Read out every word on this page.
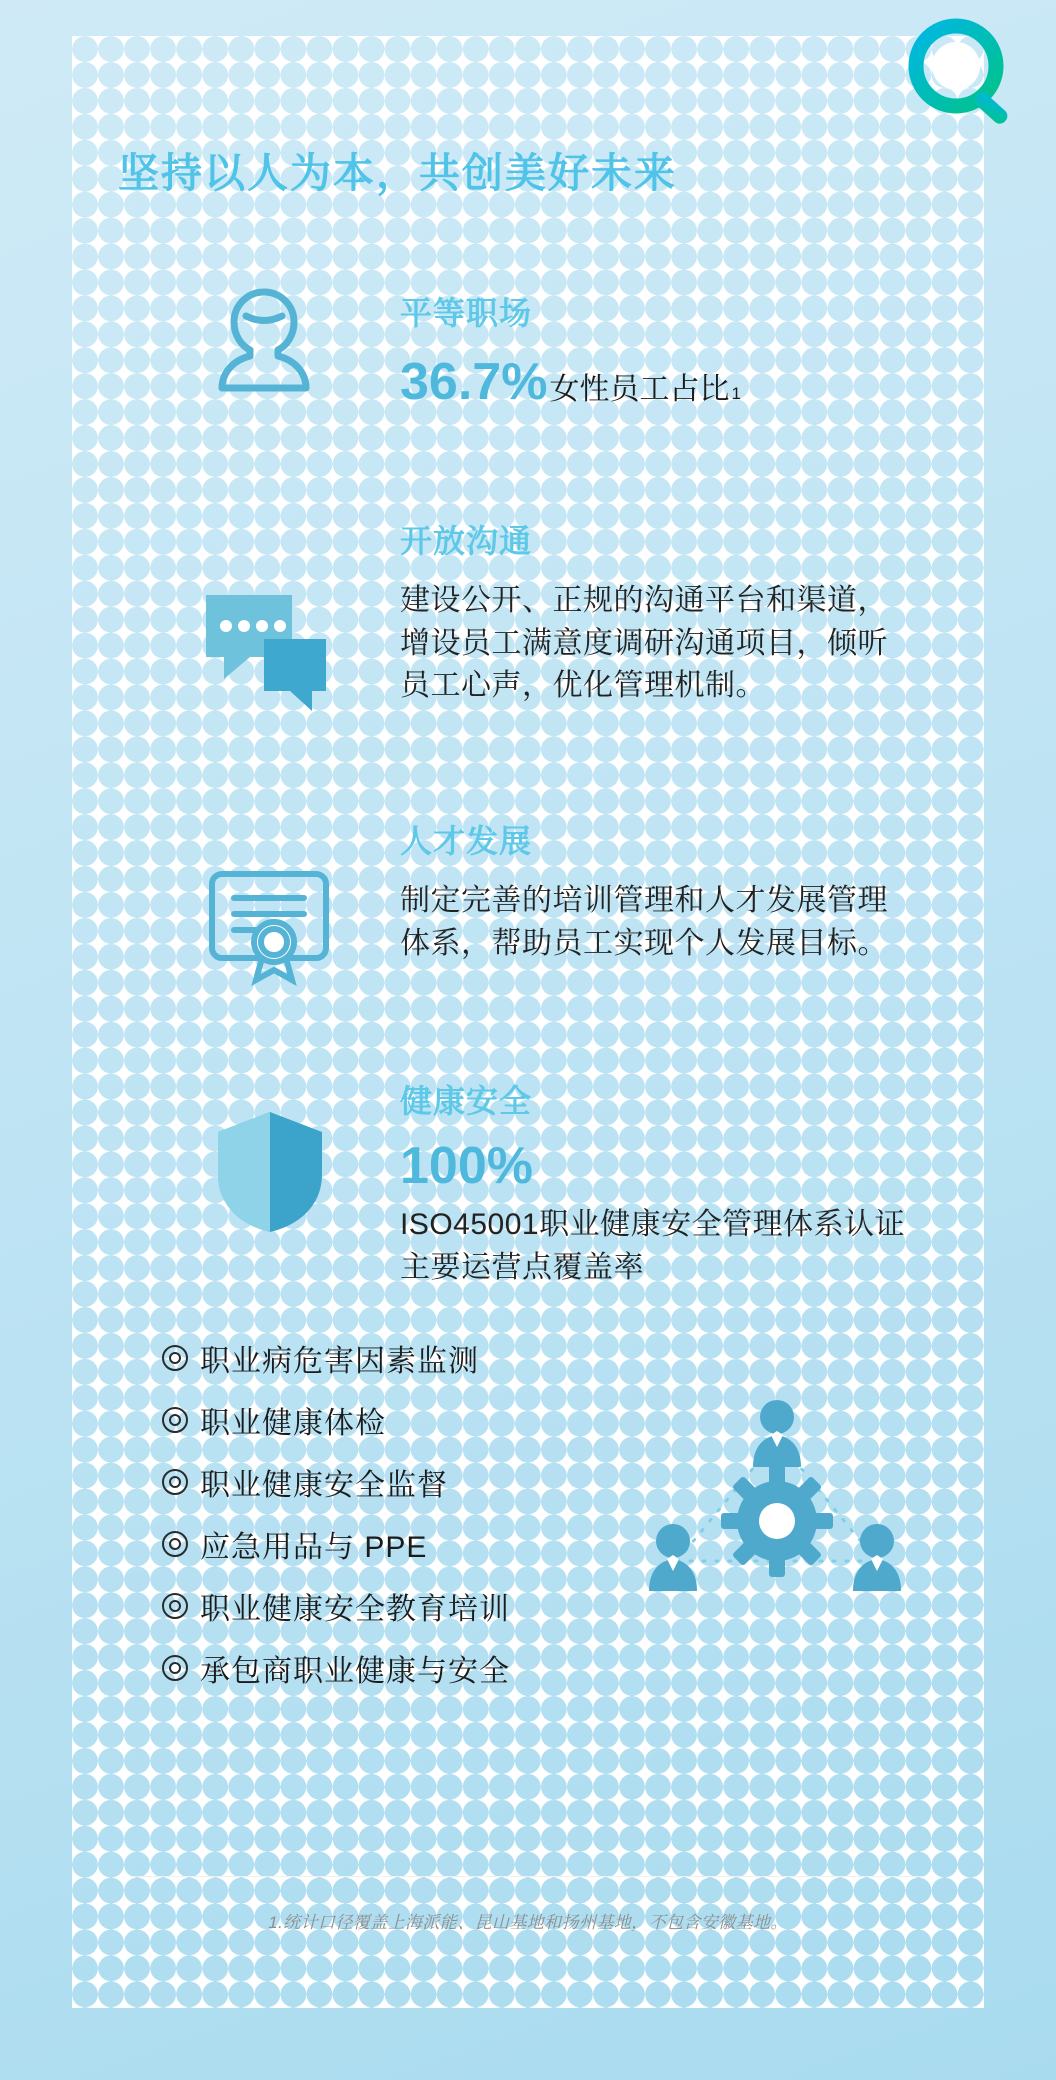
坚持以人为本，共创美好未来
平等职场
36.7% 女性员工占比 1
开放沟通
建设公开、正规的沟通平台和渠道，增设员工满意度调研沟通项目，倾听员工心声，优化管理机制。
人才发展
制定完善的培训管理和人才发展管理体系，帮助员工实现个人发展目标。
健康安全
100%
ISO45001职业健康安全管理体系认证主要运营点覆盖率
职业病危害因素监测
职业健康体检
职业健康安全监督
应急用品与 PPE
职业健康安全教育培训
承包商职业健康与安全
1.统计口径覆盖上海派能、昆山基地和扬州基地，不包含安徽基地。
